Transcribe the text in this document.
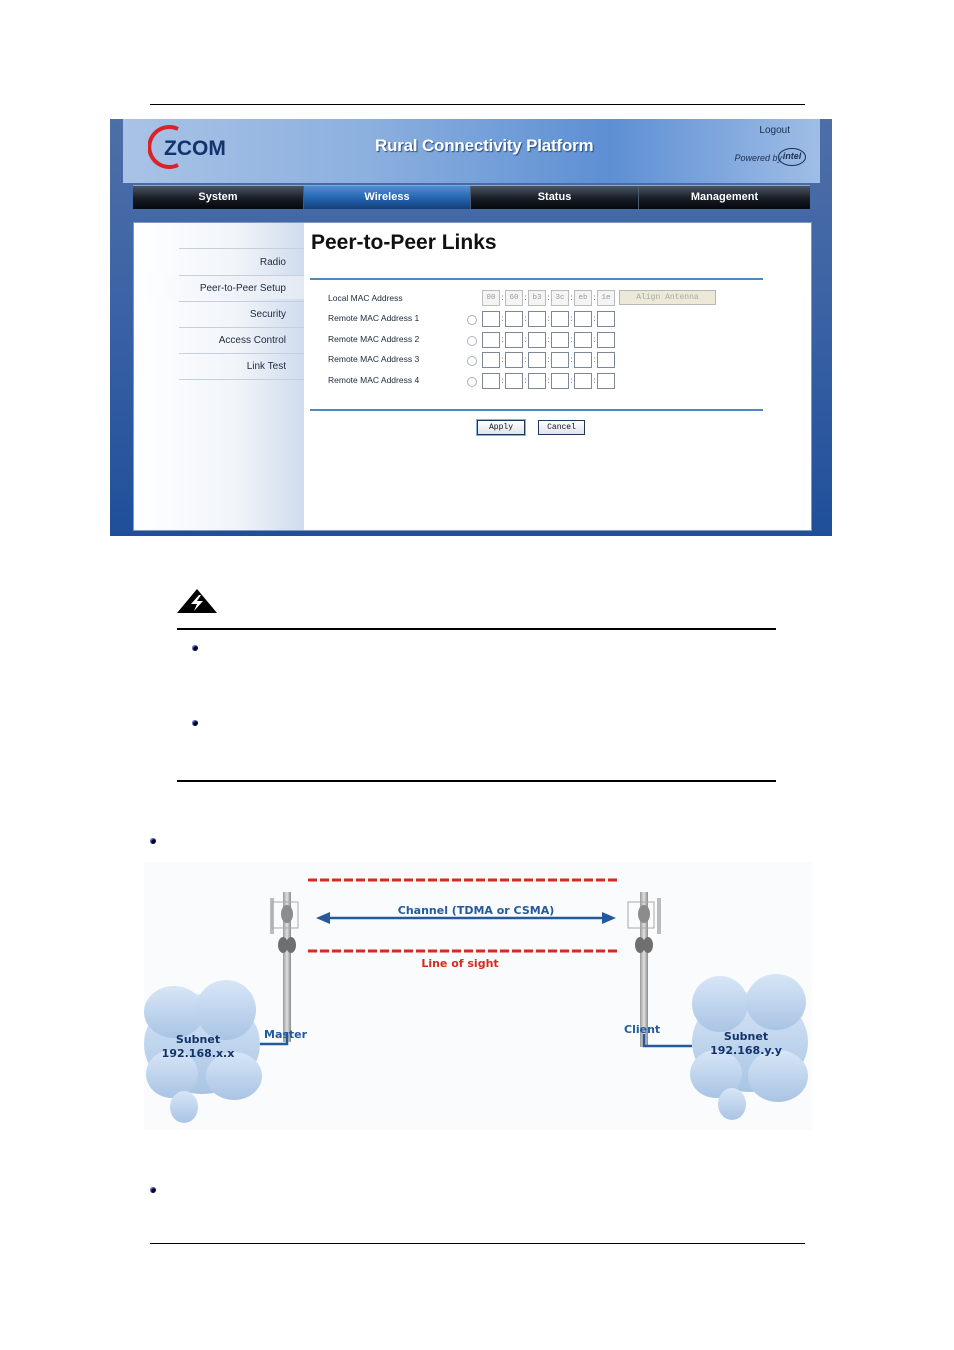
ZCOM	Rural Connectivity Platform
Logout
Powered by intel
System	Wireless	Status	Management
Radio
Peer-to-Peer Setup
Security
Access Control
Link Test
Peer-to-Peer Links
Local MAC Address	00 : 60 : b3 : 3c : eb : 1e	Align Antenna
Remote MAC Address 1	:	:	:	:	:
Remote MAC Address 2	:	:	:	:	:
Remote MAC Address 3	:	:	:	:	:
Remote MAC Address 4	:	:	:	:	:
Apply	Cancel
Line of sight
Channel (TDMA or CSMA)
Subnet
192.168.x.x
Master	Subnet
192.168.y.y
Client
